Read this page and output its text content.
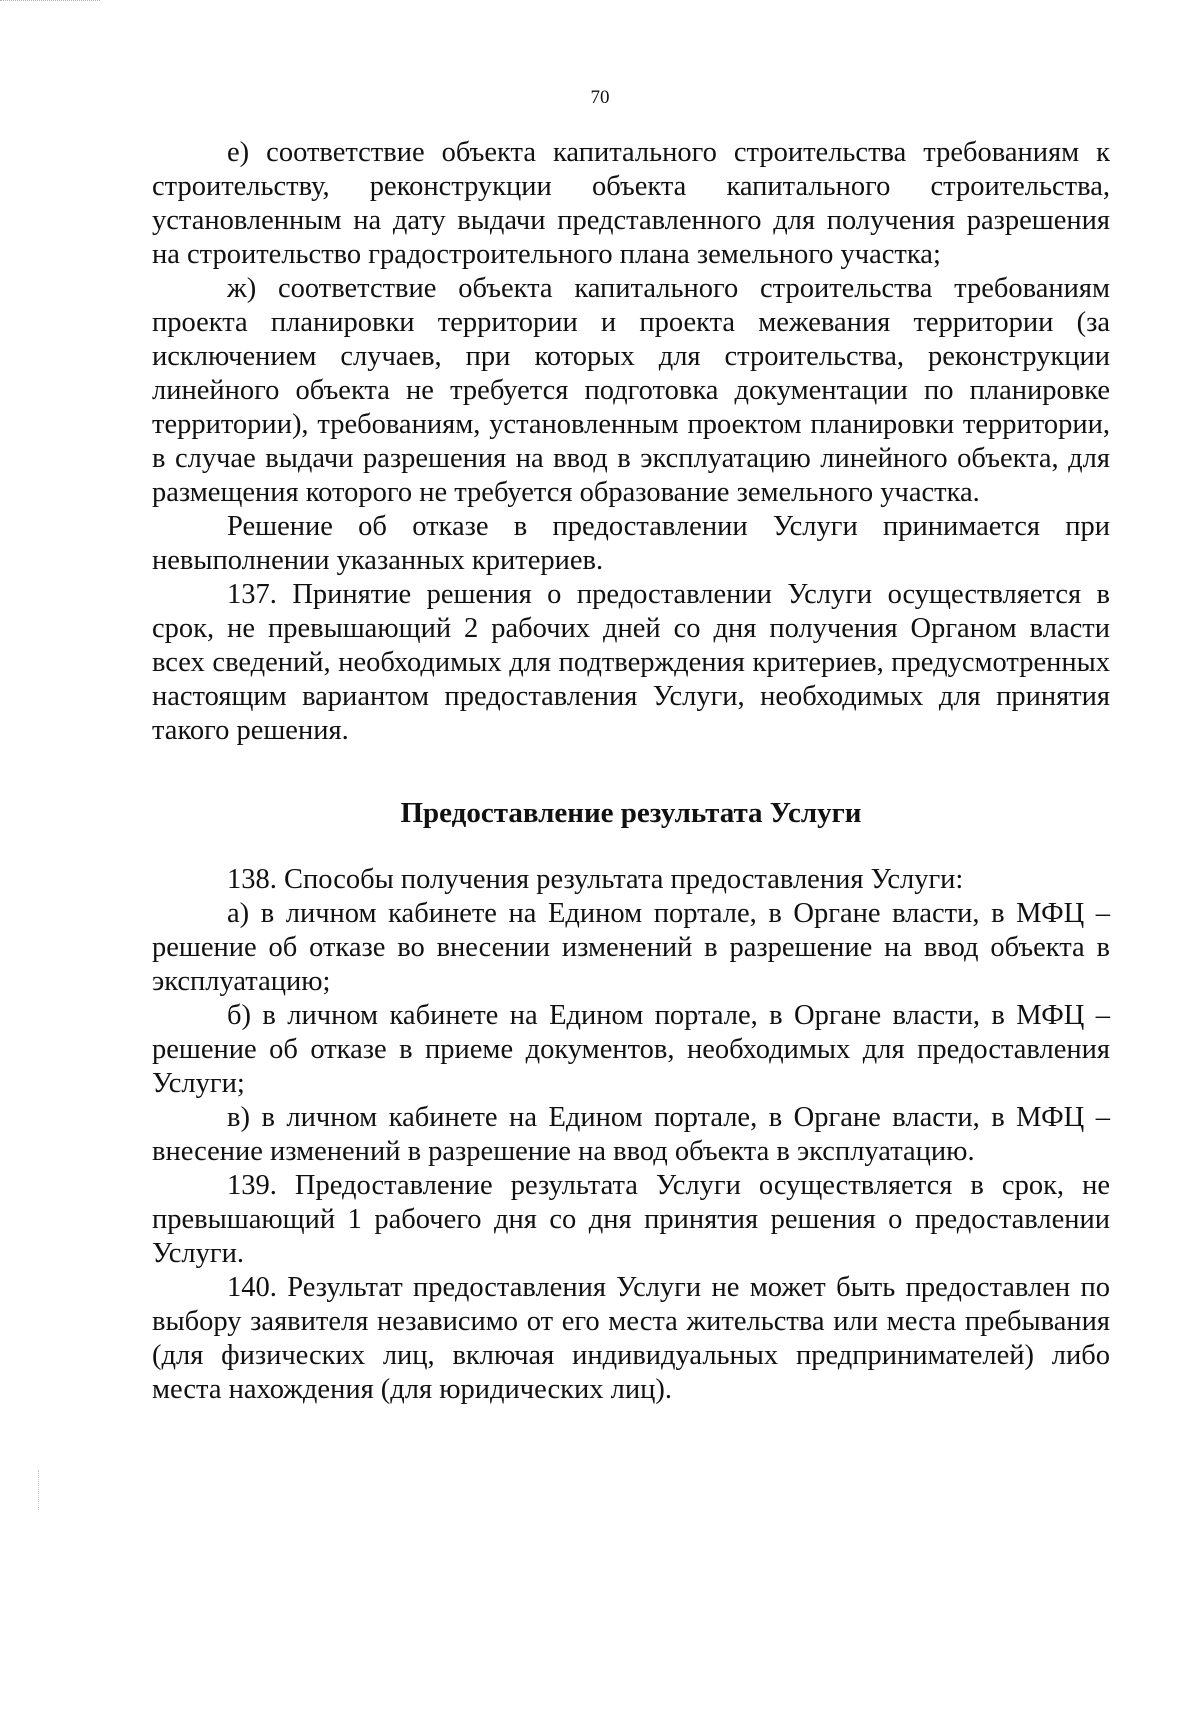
70

е) соответствие объекта капитального строительства требованиям к строительству, реконструкции объекта капитального строительства, установленным на дату выдачи представленного для получения разрешения на строительство градостроительного плана земельного участка;

ж) соответствие объекта капитального строительства требованиям проекта планировки территории и проекта межевания территории (за исключением случаев, при которых для строительства, реконструкции линейного объекта не требуется подготовка документации по планировке территории), требованиям, установленным проектом планировки территории, в случае выдачи разрешения на ввод в эксплуатацию линейного объекта, для размещения которого не требуется образование земельного участка.

Решение об отказе в предоставлении Услуги принимается при невыполнении указанных критериев.

137. Принятие решения о предоставлении Услуги осуществляется в срок, не превышающий 2 рабочих дней со дня получения Органом власти всех сведений, необходимых для подтверждения критериев, предусмотренных настоящим вариантом предоставления Услуги, необходимых для принятия такого решения.

Предоставление результата Услуги

138. Способы получения результата предоставления Услуги:

а) в личном кабинете на Едином портале, в Органе власти, в МФЦ – решение об отказе во внесении изменений в разрешение на ввод объекта в эксплуатацию;

б) в личном кабинете на Едином портале, в Органе власти, в МФЦ – решение об отказе в приеме документов, необходимых для предоставления Услуги;

в) в личном кабинете на Едином портале, в Органе власти, в МФЦ – внесение изменений в разрешение на ввод объекта в эксплуатацию.

139. Предоставление результата Услуги осуществляется в срок, не превышающий 1 рабочего дня со дня принятия решения о предоставлении Услуги.

140. Результат предоставления Услуги не может быть предоставлен по выбору заявителя независимо от его места жительства или места пребывания (для физических лиц, включая индивидуальных предпринимателей) либо места нахождения (для юридических лиц).
